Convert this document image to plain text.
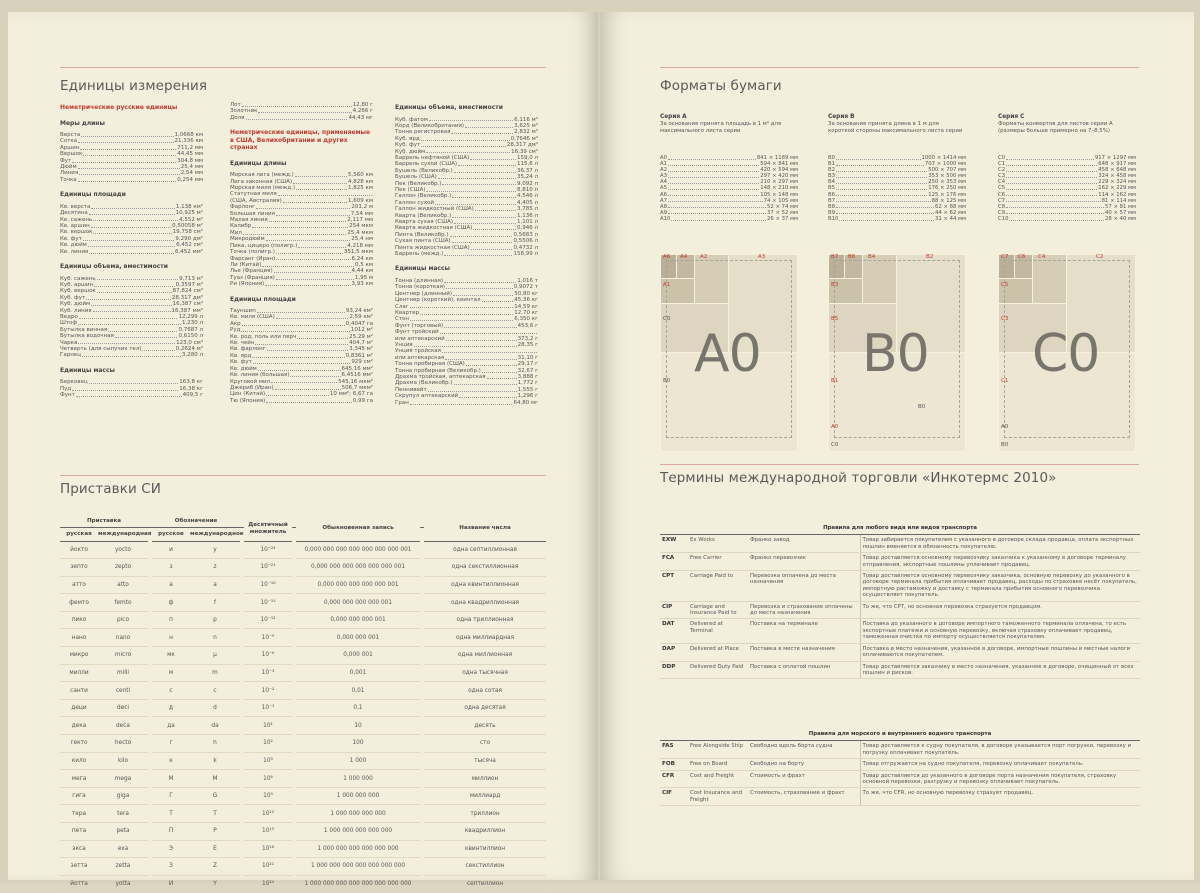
Единицы измерения
Неметрические русские единицы
Меры длины
Верста	1,0668 км
Сотка	21,336 км
Аршин	711,2 мм
Вершок	44,45 мм
Фут	304,8 мм
Дюйм	25,4 мм
Линия	2,54 мм
Точка	0,254 мм
Единицы площади
Кв. верста	1,138 км²
Десятина	10,925 м²
Кв. сажень	4,552 м²
Кв. аршин	0,50058 м²
Кв. вершок	19,758 см²
Кв. фут	9,290 дм²
Кв. дюйм	6,452 см²
Кв. линия	6,452 мм²
Единицы объема, вместимости
Куб. сажень	9,713 м³
Куб. аршин	0,3597 м³
Куб. вершок	87,824 см³
Куб. фут	28,317 дм³
Куб. дюйм	16,387 см³
Куб. линия	16,387 мм³
Ведро	12,299 л
Штоф	1,230 л
Бутылка винная	0,7687 л
Бутылка водочная	0,6150 л
Чарка	123,0 см³
Четверть (для сыпучих тел)	0,2624 м³
Гарнец	3,280 л
Единицы массы
Берковец	163,8 кг
Пуд	16,38 кг
Фунт	409,5 г
Лот	12,80 г
Золотник	4,266 г
Доля	44,43 мг
Неметрические единицы, применяемые в США, Великобритании и других странах
Единицы длины
Морская лига (межд.)	5,560 км
Лига законная (США)	4,828 км
Морская миля (межд.)	1,825 км
Статутная миля
(США, Австралия)	1,609 км
Фарлонг	201,2 м
Большая линия	7,54 мм
Малая линия	2,117 мм
Калибр	254 мкм
Мил	25,4 мкм
Микродюйм	25,4 нм
Пика, цицеро (полигр.)	4,218 мм
Точка (полигр.)	351,5 мкм
Фарсанг (Иран)	6,24 км
Ли (Китай)	0,5 км
Лье (Франция)	4,44 км
Туаз (Франция)	1,95 м
Ри (Япония)	3,93 км
Единицы площади
Тауншип	93,24 км²
Кв. миля (США)	2,59 км²
Акр	0,4047 га
Руд	1012 м²
Кв. род, поль или перч	25,29 м²
Кв. чейн	404,7 м²
Кв. фарлонг	3,345 м²
Кв. ярд	0,8361 м²
Кв. фут	929 см²
Кв. дюйм	645,16 мм²
Кв. линия (большая)	6,4516 мм²
Круговой мил	545,16 мкм²
Джериб (Иран)	506,7 мкм²
Цин (Китай)	10 мм²; 6,67 га
Тю (Япония)	0,99 га
Единицы объема, вместимости
Куб. фатом	6,116 м³
Корд (Великобритания)	3,625 м³
Тонна регистровая	2,832 м³
Куб. ярд	0,7646 м³
Куб. фут	28,317 дм³
Куб. дюйм	16,39 см³
Баррель нефтяной (США)	159,0 л
Баррель сухой (США)	115,6 л
Бушель (Великобр.)	36,37 л
Бушель (США)	35,24 л
Пек (Великобр.)	9,092 л
Пек (США)	8,810 л
Галлон (Великобр.)	4,546 л
Галлон сухой	4,405 л
Галлон жидкостный (США)	3,785 л
Кварта (Великобр.)	1,136 л
Кварта сухая (США)	1,101 л
Кварта жидкостная (США)	0,946 л
Пинта (Великобр.)	0,5683 л
Сухая пинта (США)	0,5506 л
Пинта жидкостная (США)	0,4732 л
Баррель (межд.)	158,99 л
Единицы массы
Тонна (длинная)	1,016 т
Тонна (короткая)	0,9072 т
Центнер (длинный)	50,80 кг
Центнер (короткий), квинтал	45,36 кг
Слаг	14,59 кг
Квартер	12,70 кг
Стон	6,350 кг
Фунт (торговый)	453,6 г
Фунт тройский
или аптекарский	373,2 г
Унция	28,35 г
Унция тройская
или аптекарская	31,10 г
Тонна пробирная (США)	29,17 г
Тонна пробирная (Великобр.)	32,67 г
Драхма тройская, аптекарская	3,888 г
Драхма (Великобр.)	1,772 г
Пеннивейт	1,555 г
Скрупул аптекарский	1,296 г
Гран	64,80 мг
Приставки СИ
Приставка			Обозначение			Десятичный множитель		Обыкновенная запись		Название числа
русская	международная		русское	международное						
йокто	yocto		и	y		10⁻²⁴		0,000 000 000 000 000 000 000 001		одна септиллионная
зепто	zepto		з	z		10⁻²¹		0,000 000 000 000 000 000 001		одна секстиллионная
атто	atto		а	a		10⁻¹⁸		0,000 000 000 000 000 001		одна квинтиллионная
фемто	femto		ф	f		10⁻¹⁵		0,000 000 000 000 001		одна квадриллионная
пико	pico		п	p		10⁻¹²		0,000 000 000 001		одна триллионная
нано	nano		н	n		10⁻⁹		0,000 000 001		одна миллиардная
микро	micro		мк	μ		10⁻⁶		0,000 001		одна миллионная
милли	milli		м	m		10⁻³		0,001		одна тысячная
санти	centi		с	c		10⁻²		0,01		одна сотая
деци	deci		д	d		10⁻¹		0,1		одна десятая
дека	deca		да	da		10¹		10		десять
гекто	hecto		г	h		10²		100		сто
кило	kilo		к	k		10³		1 000		тысяча
мега	mega		М	M		10⁶		1 000 000		миллион
гига	giga		Г	G		10⁹		1 000 000 000		миллиард
тера	tera		Т	T		10¹²		1 000 000 000 000		триллион
пета	peta		П	P		10¹⁵		1 000 000 000 000 000		квадриллион
экса	exa		Э	E		10¹⁸		1 000 000 000 000 000 000		квинтиллион
зетта	zetta		З	Z		10²¹		1 000 000 000 000 000 000 000		секстиллион
йотта	yotta		И	Y		10²⁴		1 000 000 000 000 000 000 000 000		септиллион
Форматы бумаги
Серия А
За основание принята площадь в 1 м² для максимального листа серии
A0	841 × 1189 мм
A1	594 × 841 мм
A2	420 × 594 мм
A3	297 × 420 мм
A4	210 × 297 мм
A5	148 × 210 мм
A6	105 × 148 мм
A7	74 × 105 мм
A8	52 × 74 мм
A9	37 × 52 мм
A10	26 × 37 мм
A0
A6 A4 A2	A3
A1
C0
B0
Серия В
За основание принята длина в 1 м для короткой стороны максимального листа серии
B0	1000 × 1414 мм
B1	707 × 1000 мм
B2	500 × 707 мм
B3	353 × 500 мм
B4	250 × 353 мм
B5	176 × 250 мм
B6	125 × 176 мм
B7	88 × 125 мм
B8	62 × 88 мм
B9	44 × 62 мм
B10	31 × 44 мм
B0
B7 B6 B4	B2
B3
B5
B1
A0
C0
B0
Серия С
Форматы конвертов для листов серии А (размеры больше примерно на 7–8,5%)
C0	917 × 1297 мм
C1	648 × 917 мм
C2	458 × 648 мм
C3	324 × 458 мм
C4	229 × 324 мм
C5	162 × 229 мм
C6	114 × 162 мм
C7	81 × 114 мм
C8	57 × 81 мм
C9	40 × 57 мм
C10	28 × 40 мм
C0
C7 C6 C4	C2
C5
C3
C1
A0
B0
Термины международной торговли «Инкотермс 2010»
Правила для любого вида или видов транспорта			
EXW	Ex Works	Франко завод	Товар забирается покупателем с указанного в договоре склада продавца, оплата экспортных пошлин вменяется в обязанность покупателю.
FCA	Free Carrier	Франко перевозчик	Товар доставляется основному перевозчику заказчика к указанному в договоре терминалу отправления, экспортные пошлины уплачивает продавец.
CPT	Carriage Paid to	Перевозка оплачена до места назначения	Товар доставляется основному перевозчику заказчика, основную перевозку до указанного в договоре терминала прибытия оплачивает продавец, расходы по страховке несёт покупатель, импортную растаможку и доставку с терминала прибытия основного перевозчика осуществляет покупатель.
CIP	Carriage and Insurance Paid to	Перевозка и страхование оплачены до места назначения	То же, что CPT, но основная перевозка страхуется продавцом.
DAT	Delivered at Terminal	Поставка на терминале	Поставка до указанного в договоре импортного таможенного терминала оплачена, то есть экспортные платежи и основную перевозку, включая страховку оплачивает продавец, таможенная очистка по импорту осуществляется покупателем.
DAP	Delivered at Place	Поставка в месте назначения	Поставка в место назначения, указанное в договоре, импортные пошлины и местные налоги оплачиваются покупателем.
DDP	Delivered Duty Paid	Поставка с оплатой пошлин	Товар доставляется заказчику в место назначения, указанное в договоре, очищенный от всех пошлин и рисков.
Правила для морского и внутреннего водного транспорта			
FAS	Free Alongside Ship	Свободно вдоль борта судна	Товар доставляется к судну покупателя, в договоре указывается порт погрузки, перевозку и погрузку оплачивает покупатель.
FOB	Free on Board	Свободно на борту	Товар отгружается на судно покупателя, перевозку оплачивает покупатель.
CFR	Cost and Freight	Стоимость и фрахт	Товар доставляется до указанного в договоре порта назначения покупателя, страховку основной перевозки, разгрузку и перевозку оплачивает покупатель.
CIF	Cost Insurance and Freight	Стоимость, страхование и фрахт	То же, что CFR, но основную перевозку страхует продавец.
